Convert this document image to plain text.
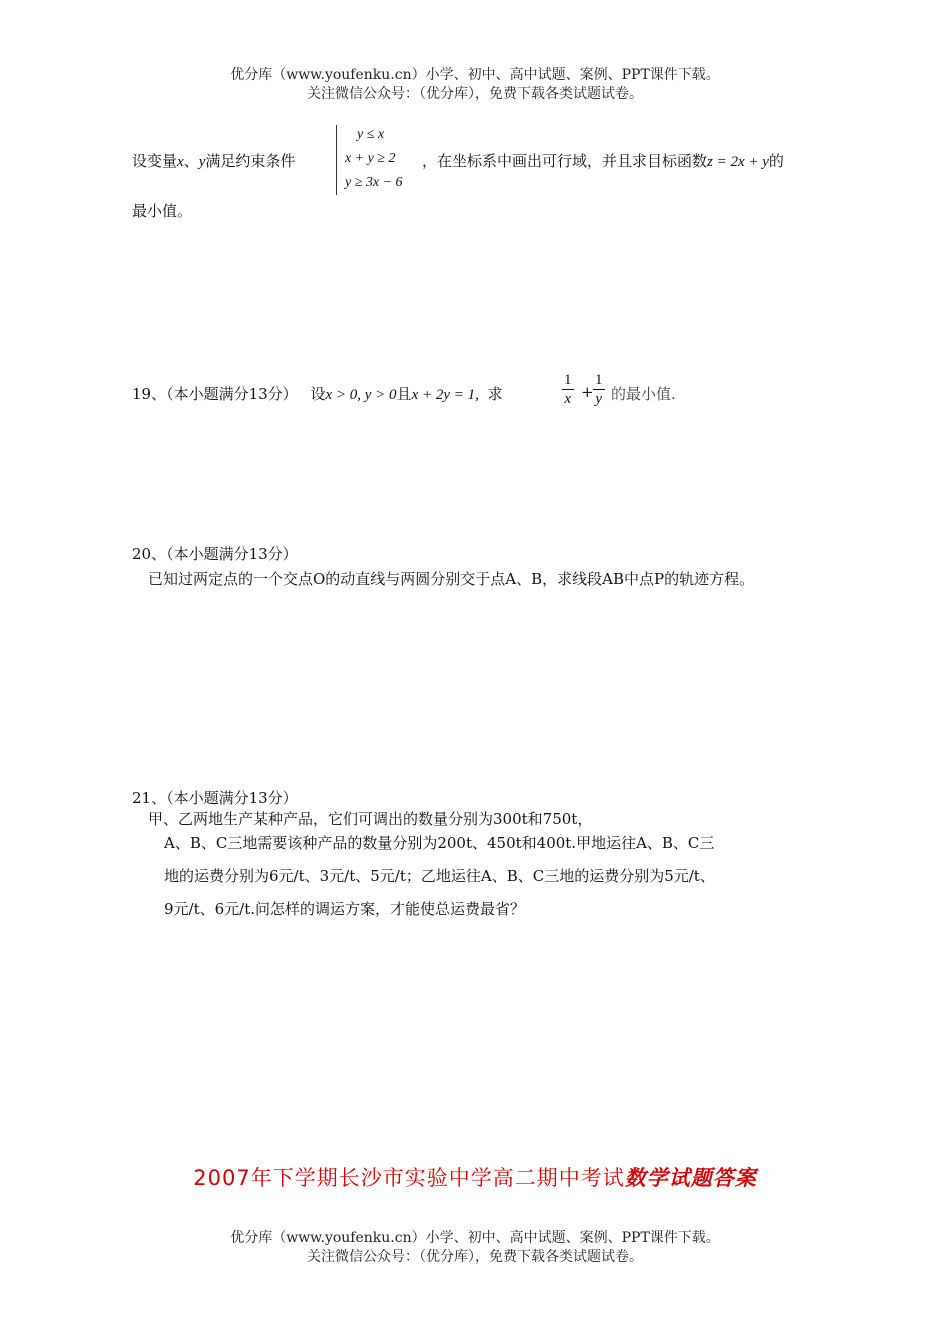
优分库（www.youfenku.cn）小学、初中、高中试题、案例、PPT课件下载。
关注微信公众号：（优分库），免费下载各类试题试卷。
设变量x、y满足约束条件
y ≤ x
x + y ≥ 2
y ≥ 3x − 6
，在坐标系中画出可行域，并且求目标函数z = 2x + y的
最小值。
19、（本小题满分13分） 设x > 0, y > 0且x + 2y = 1, 求	$\frac{1}{x} + \frac{1}{y}$ 的最小值.
20、（本小题满分13分）
已知过两定点的一个交点O的动直线与两圆分别交于点A、B，求线段AB中点P的轨迹方程。
21、（本小题满分13分）
甲、乙两地生产某种产品，它们可调出的数量分别为300t和750t，
A、B、C三地需要该种产品的数量分别为200t、450t和400t.甲地运往A、B、C三
地的运费分别为6元/t、3元/t、5元/t；乙地运往A、B、C三地的运费分别为5元/t、
9元/t、6元/t.问怎样的调运方案，才能使总运费最省？
2007年下学期长沙市实验中学高二期中考试数学试题答案
优分库（www.youfenku.cn）小学、初中、高中试题、案例、PPT课件下载。
关注微信公众号：（优分库），免费下载各类试题试卷。
